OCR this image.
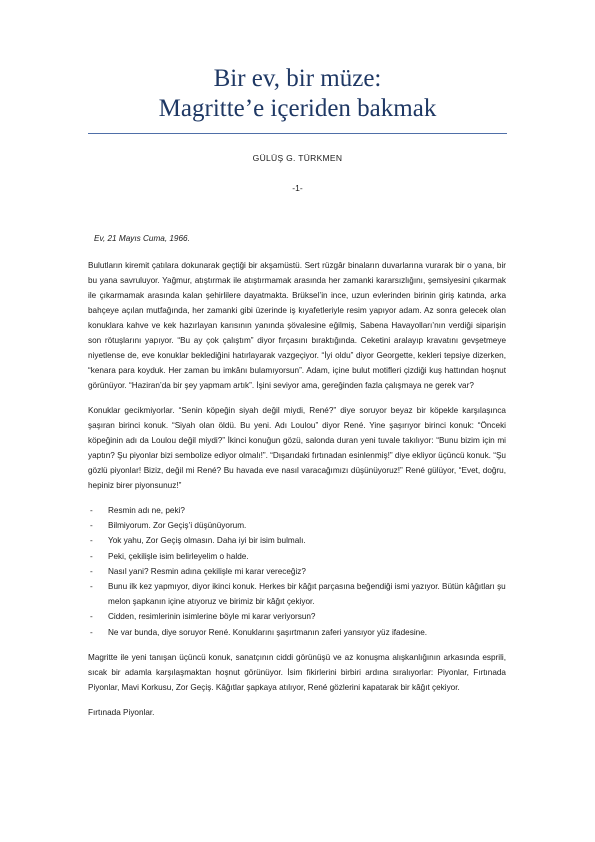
Bir ev, bir müze:
Magritte’e içeriden bakmak
GÜLÜŞ G. TÜRKMEN
-1-

Ev, 21 Mayıs Cuma, 1966.

Bulutların kiremit çatılara dokunarak geçtiği bir akşamüstü. Sert rüzgâr binaların duvarlarına vurarak bir o yana, bir bu yana savruluyor. Yağmur, atıştırmak ile atıştırmamak arasında her zamanki kararsızlığını, şemsiyesini çıkarmak ile çıkarmamak arasında kalan şehirlilere dayatmakta. Brüksel’in ince, uzun evlerinden birinin giriş katında, arka bahçeye açılan mutfağında, her zamanki gibi üzerinde iş kıyafetleriyle resim yapıyor adam. Az sonra gelecek olan konuklara kahve ve kek hazırlayan karısının yanında şövalesine eğilmiş, Sabena Havayolları’nın verdiği siparişin son rötuşlarını yapıyor. “Bu ay çok çalıştım” diyor fırçasını bıraktığında. Ceketini aralayıp kravatını gevşetmeye niyetlense de, eve konuklar beklediğini hatırlayarak vazgeçiyor. “İyi oldu” diyor Georgette, kekleri tepsiye dizerken, “kenara para koyduk. Her zaman bu imkânı bulamıyorsun”. Adam, içine bulut motifleri çizdiği kuş hattından hoşnut görünüyor. “Haziran’da bir şey yapmam artık”. İşini seviyor ama, gereğinden fazla çalışmaya ne gerek var?

Konuklar gecikmiyorlar. “Senin köpeğin siyah değil miydi, René?” diye soruyor beyaz bir köpekle karşılaşınca şaşıran birinci konuk. “Siyah olan öldü. Bu yeni. Adı Loulou” diyor René. Yine şaşırıyor birinci konuk: “Önceki köpeğinin adı da Loulou değil miydi?” İkinci konuğun gözü, salonda duran yeni tuvale takılıyor: “Bunu bizim için mi yaptın? Şu piyonlar bizi sembolize ediyor olmalı!”. “Dışarıdaki fırtınadan esinlenmiş!” diye ekliyor üçüncü konuk. “Şu gözlü piyonlar! Biziz, değil mi René? Bu havada eve nasıl varacağımızı düşünüyoruz!” René gülüyor, “Evet, doğru, hepiniz birer piyonsunuz!”

- Resmin adı ne, peki?
- Bilmiyorum. Zor Geçiş’i düşünüyorum.
- Yok yahu, Zor Geçiş olmasın. Daha iyi bir isim bulmalı.
- Peki, çekilişle isim belirleyelim o halde.
- Nasıl yani? Resmin adına çekilişle mi karar vereceğiz?
- Bunu ilk kez yapmıyor, diyor ikinci konuk. Herkes bir kâğıt parçasına beğendiği ismi yazıyor. Bütün kâğıtları şu melon şapkanın içine atıyoruz ve birimiz bir kâğıt çekiyor.
- Cidden, resimlerinin isimlerine böyle mi karar veriyorsun?
- Ne var bunda, diye soruyor René. Konuklarını şaşırtmanın zaferi yansıyor yüz ifadesine.

Magritte ile yeni tanışan üçüncü konuk, sanatçının ciddi görünüşü ve az konuşma alışkanlığının arkasında esprili, sıcak bir adamla karşılaşmaktan hoşnut görünüyor. İsim fikirlerini birbiri ardına sıralıyorlar: Piyonlar, Fırtınada Piyonlar, Mavi Korkusu, Zor Geçiş. Kâğıtlar şapkaya atılıyor, René gözlerini kapatarak bir kâğıt çekiyor.

Fırtınada Piyonlar.
